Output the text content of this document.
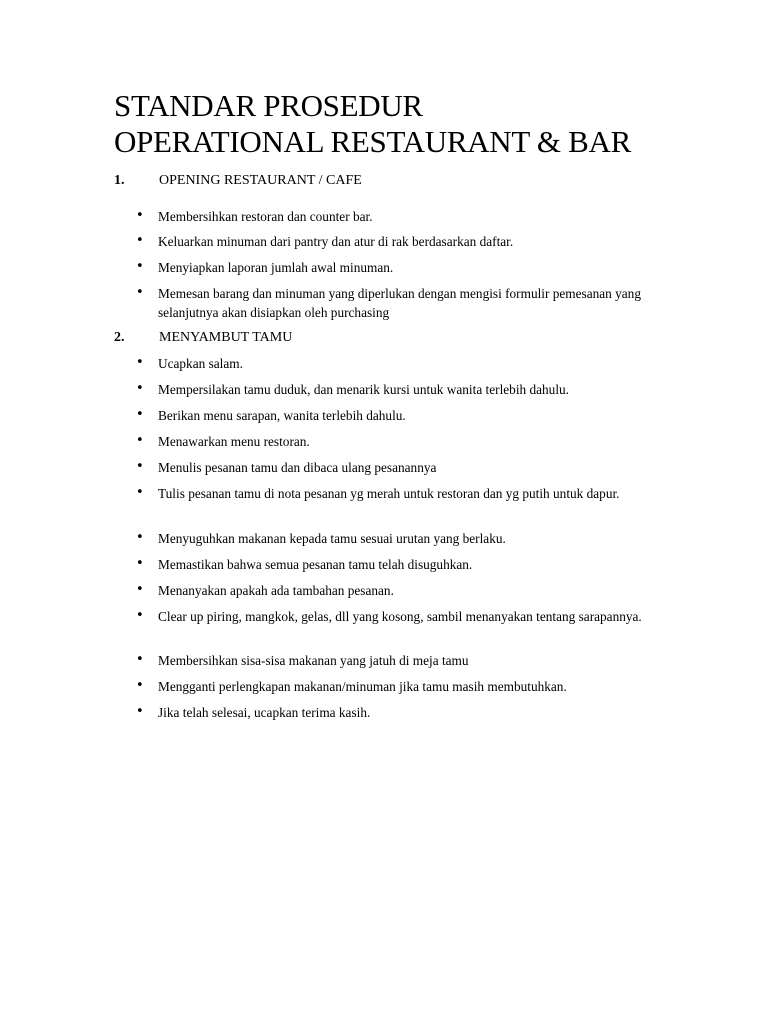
STANDAR PROSEDUR
OPERATIONAL RESTAURANT & BAR
1. OPENING RESTAURANT / CAFE
• Membersihkan restoran dan counter bar.
• Keluarkan minuman dari pantry dan atur di rak berdasarkan daftar.
• Menyiapkan laporan jumlah awal minuman.
• Memesan barang dan minuman yang diperlukan dengan mengisi formulir pemesanan yang selanjutnya akan disiapkan oleh purchasing
2. MENYAMBUT TAMU
• Ucapkan salam.
• Mempersilakan tamu duduk, dan menarik kursi untuk wanita terlebih dahulu.
• Berikan menu sarapan, wanita terlebih dahulu.
• Menawarkan menu restoran.
• Menulis pesanan tamu dan dibaca ulang pesanannya
• Tulis pesanan tamu di nota pesanan yg merah untuk restoran dan yg putih untuk dapur.
• Menyuguhkan makanan kepada tamu sesuai urutan yang berlaku.
• Memastikan bahwa semua pesanan tamu telah disuguhkan.
• Menanyakan apakah ada tambahan pesanan.
• Clear up piring, mangkok, gelas, dll yang kosong, sambil menanyakan tentang sarapannya.
• Membersihkan sisa-sisa makanan yang jatuh di meja tamu
• Mengganti perlengkapan makanan/minuman jika tamu masih membutuhkan.
• Jika telah selesai, ucapkan terima kasih.
